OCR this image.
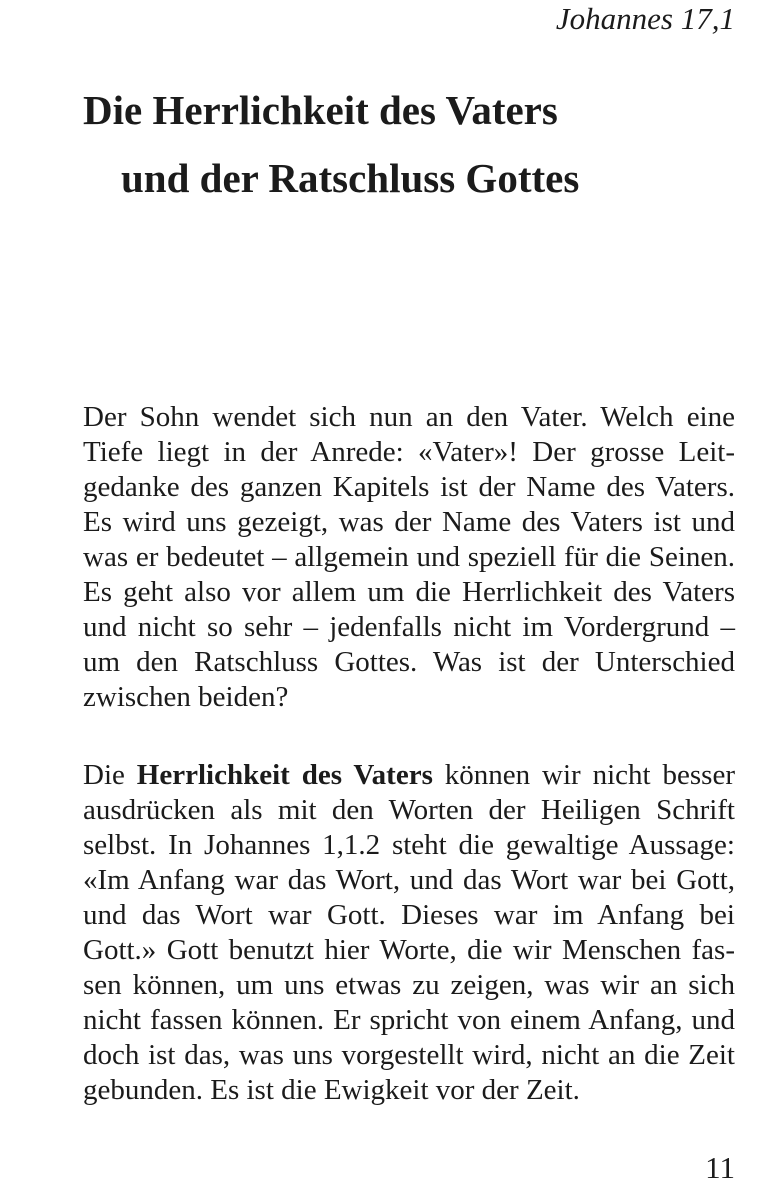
Johannes 17,1
Die Herrlichkeit des Vaters
und der Ratschluss Gottes
Der Sohn wendet sich nun an den Vater. Welch eine
Tiefe liegt in der Anrede: «Vater»! Der grosse Leit-
gedanke des ganzen Kapitels ist der Name des Vaters.
Es wird uns gezeigt, was der Name des Vaters ist und
was er bedeutet – allgemein und speziell für die Seinen.
Es geht also vor allem um die Herrlichkeit des Vaters
und nicht so sehr – jedenfalls nicht im Vordergrund –
um den Ratschluss Gottes. Was ist der Unterschied
zwischen beiden?
Die Herrlichkeit des Vaters können wir nicht besser
ausdrücken als mit den Worten der Heiligen Schrift
selbst. In Johannes 1,1.2 steht die gewaltige Aussage:
«Im Anfang war das Wort, und das Wort war bei Gott,
und das Wort war Gott. Dieses war im Anfang bei
Gott.» Gott benutzt hier Worte, die wir Menschen fas-
sen können, um uns etwas zu zeigen, was wir an sich
nicht fassen können. Er spricht von einem Anfang, und
doch ist das, was uns vorgestellt wird, nicht an die Zeit
gebunden. Es ist die Ewigkeit vor der Zeit.
11
